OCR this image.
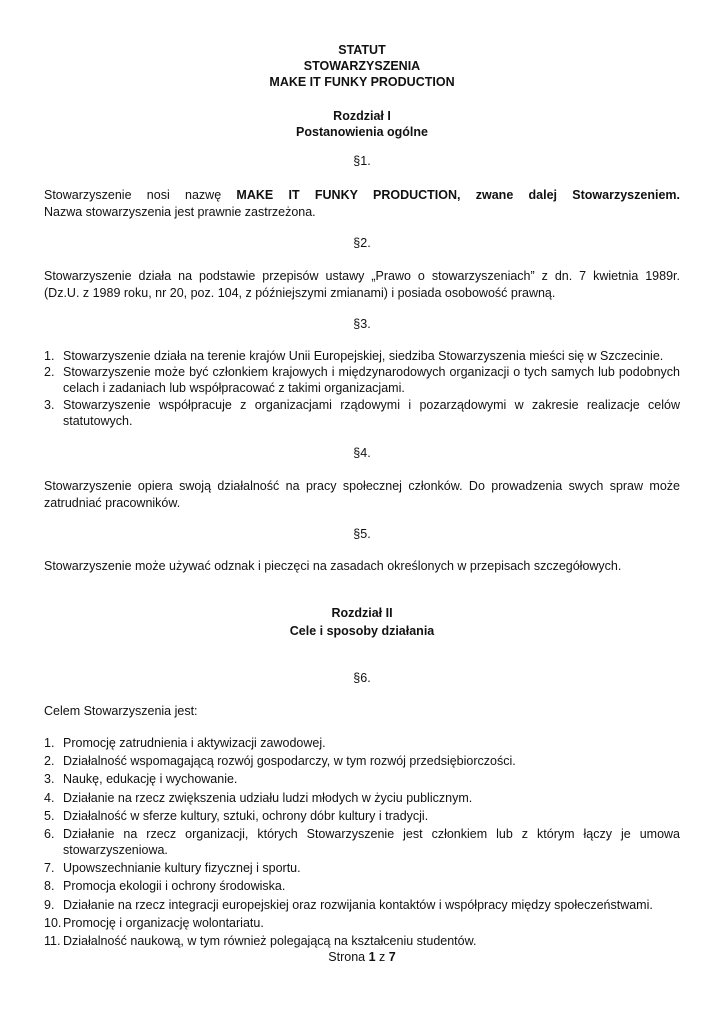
STATUT
STOWARZYSZENIA
MAKE IT FUNKY PRODUCTION
Rozdział I
Postanowienia ogólne
§1.
Stowarzyszenie nosi nazwę MAKE IT FUNKY PRODUCTION, zwane dalej Stowarzyszeniem.
Nazwa stowarzyszenia jest prawnie zastrzeżona.
§2.
Stowarzyszenie działa na podstawie przepisów ustawy „Prawo o stowarzyszeniach” z dn. 7 kwietnia 1989r.
(Dz.U. z 1989 roku, nr 20, poz. 104, z późniejszymi zmianami) i posiada osobowość prawną.
§3.
1. Stowarzyszenie działa na terenie krajów Unii Europejskiej, siedziba Stowarzyszenia mieści się w Szczecinie.
2. Stowarzyszenie może być członkiem krajowych i międzynarodowych organizacji o tych samych lub podobnych celach i zadaniach lub współpracować z takimi organizacjami.
3. Stowarzyszenie współpracuje z organizacjami rządowymi i pozarządowymi w zakresie realizacje celów statutowych.
§4.
Stowarzyszenie opiera swoją działalność na pracy społecznej członków. Do prowadzenia swych spraw może
zatrudniać pracowników.
§5.
Stowarzyszenie może używać odznak i pieczęci na zasadach określonych w przepisach szczegółowych.
Rozdział II
Cele i sposoby działania
§6.
Celem Stowarzyszenia jest:
1. Promocję zatrudnienia i aktywizacji zawodowej.
2. Działalność wspomagającą rozwój gospodarczy, w tym rozwój przedsiębiorczości.
3. Naukę, edukację i wychowanie.
4. Działanie na rzecz zwiększenia udziału ludzi młodych w życiu publicznym.
5. Działalność w sferze kultury, sztuki, ochrony dóbr kultury i tradycji.
6. Działanie na rzecz organizacji, których Stowarzyszenie jest członkiem lub z którym łączy je umowa stowarzyszeniowa.
7. Upowszechnianie kultury fizycznej i sportu.
8. Promocja ekologii i ochrony środowiska.
9. Działanie na rzecz integracji europejskiej oraz rozwijania kontaktów i współpracy między społeczeństwami.
10. Promocję i organizację wolontariatu.
11. Działalność naukową, w tym również polegającą na kształceniu studentów.
Strona 1 z 7
